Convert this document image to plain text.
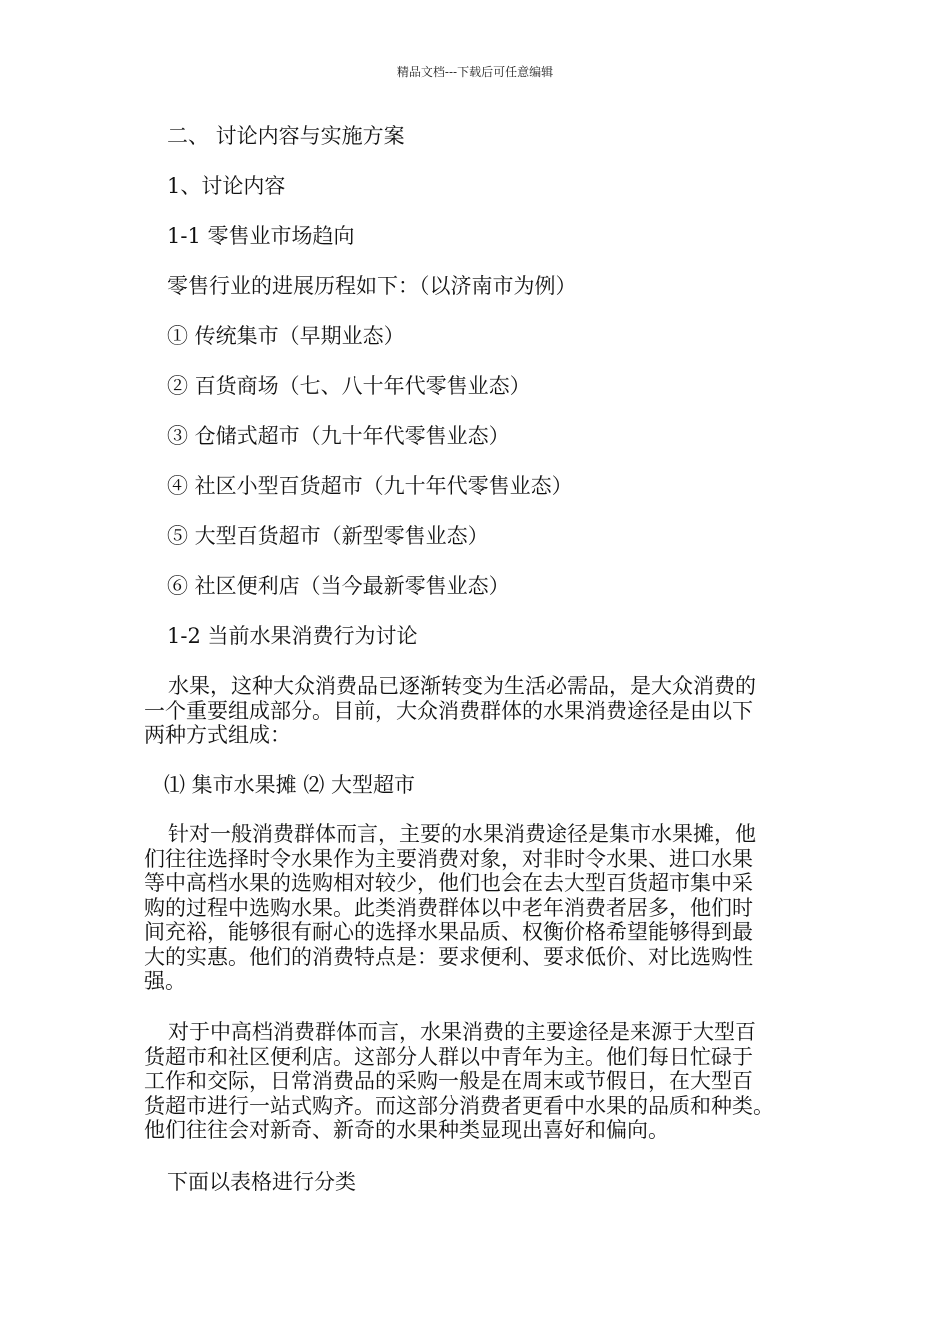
精品文档---下载后可任意编辑
二、 讨论内容与实施方案
1、讨论内容
1-1 零售业市场趋向
零售行业的进展历程如下：（以济南市为例）
① 传统集市（早期业态）
② 百货商场（七、八十年代零售业态）
③ 仓储式超市（九十年代零售业态）
④ 社区小型百货超市（九十年代零售业态）
⑤ 大型百货超市（新型零售业态）
⑥ 社区便利店（当今最新零售业态）
1-2 当前水果消费行为讨论
水果，这种大众消费品已逐渐转变为生活必需品，是大众消费的
一个重要组成部分。目前，大众消费群体的水果消费途径是由以下
两种方式组成：
⑴ 集市水果摊 ⑵ 大型超市
针对一般消费群体而言，主要的水果消费途径是集市水果摊，他
们往往选择时令水果作为主要消费对象，对非时令水果、进口水果
等中高档水果的选购相对较少，他们也会在去大型百货超市集中采
购的过程中选购水果。此类消费群体以中老年消费者居多，他们时
间充裕，能够很有耐心的选择水果品质、权衡价格希望能够得到最
大的实惠。他们的消费特点是：要求便利、要求低价、对比选购性
强。
对于中高档消费群体而言，水果消费的主要途径是来源于大型百
货超市和社区便利店。这部分人群以中青年为主。他们每日忙碌于
工作和交际，日常消费品的采购一般是在周末或节假日，在大型百
货超市进行一站式购齐。而这部分消费者更看中水果的品质和种类。
他们往往会对新奇、新奇的水果种类显现出喜好和偏向。
下面以表格进行分类
